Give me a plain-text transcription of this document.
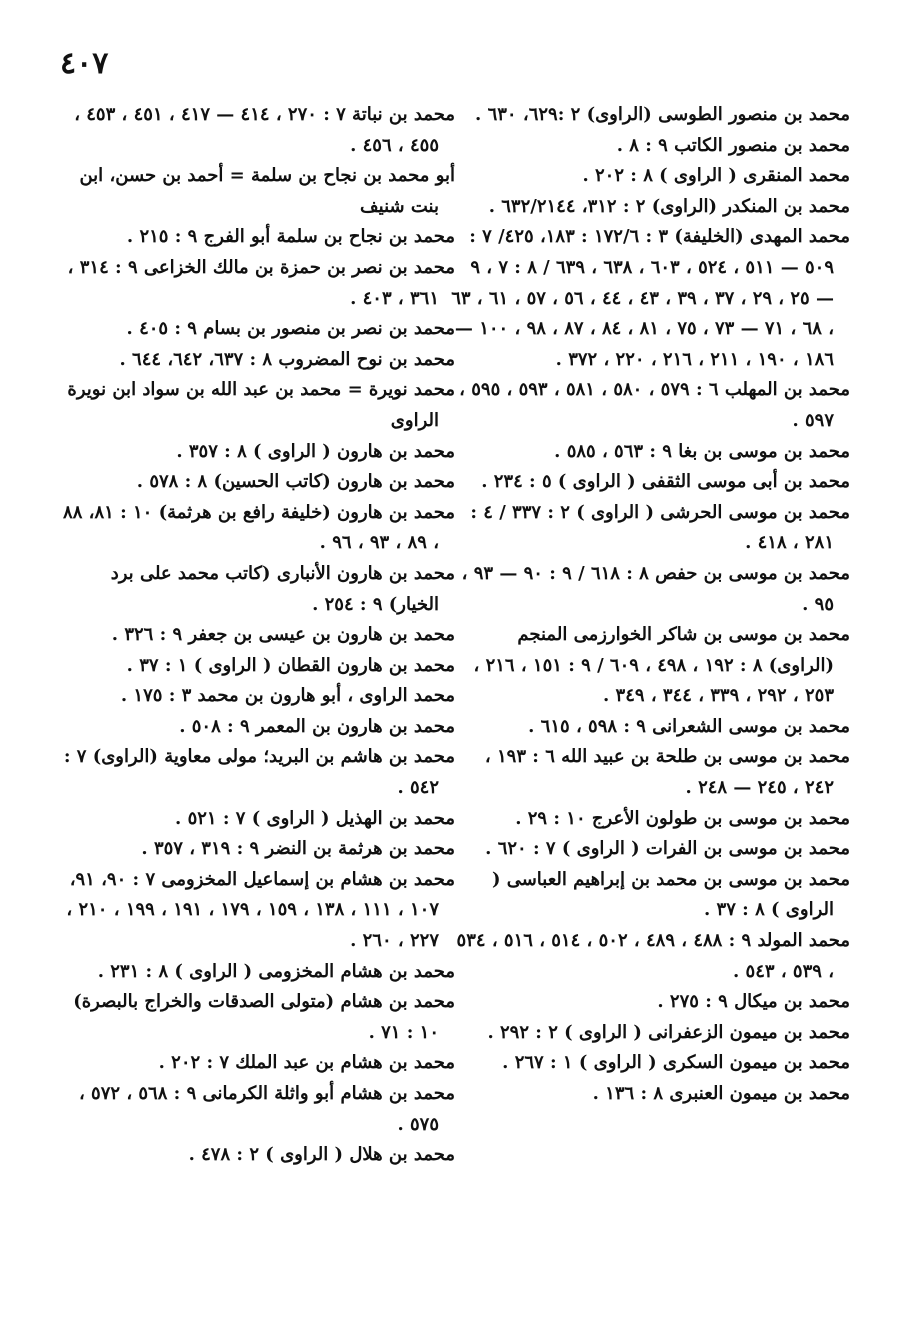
٤٠٧

محمد بن منصور الطوسى (الراوى) ٢ :٦٢٩، ٦٣٠ .

محمد بن منصور الكاتب ٩ : ٨ .

محمد المنقرى ( الراوى ) ٨ : ٢٠٢ .

محمد بن المنكدر (الراوى) ٢ : ٣١٢، ٦٣٢/٢١٤٤ .

محمد المهدى (الخليفة) ٣ : ١٧٢/٦ : ١٨٣، ٤٢٥/ ٧ : ٥٠٩ — ٥١١ ، ٥٢٤ ، ٦٠٣ ، ٦٣٨ ، ٦٣٩ / ٨ : ٧ ، ٩ — ٢٥ ، ٢٩ ، ٣٧ ، ٣٩ ، ٤٣ ، ٤٤ ، ٥٦ ، ٥٧ ، ٦١ ، ٦٣ ، ٦٨ ، ٧١ — ٧٣ ، ٧٥ ، ٨١ ، ٨٤ ، ٨٧ ، ٩٨ ، ١٠٠ — ١٨٦ ، ١٩٠ ، ٢١١ ، ٢١٦ ، ٢٢٠ ، ٣٧٢ .

محمد بن المهلب ٦ : ٥٧٩ ، ٥٨٠ ، ٥٨١ ، ٥٩٣ ، ٥٩٥ ، ٥٩٧ .

محمد بن موسى بن بغا ٩ : ٥٦٣ ، ٥٨٥ .

محمد بن أبى موسى الثقفى ( الراوى ) ٥ : ٢٣٤ .

محمد بن موسى الحرشى ( الراوى ) ٢ : ٣٣٧ / ٤ : ٢٨١ ، ٤١٨ .

محمد بن موسى بن حفص ٨ : ٦١٨ / ٩ : ٩٠ — ٩٣ ، ٩٥ .

محمد بن موسى بن شاكر الخوارزمى المنجم (الراوى) ٨ : ١٩٢ ، ٤٩٨ ، ٦٠٩ / ٩ : ١٥١ ، ٢١٦ ، ٢٥٣ ، ٢٩٢ ، ٣٣٩ ، ٣٤٤ ، ٣٤٩ .

محمد بن موسى الشعرانى ٩ : ٥٩٨ ، ٦١٥ .

محمد بن موسى بن طلحة بن عبيد الله ٦ : ١٩٣ ، ٢٤٢ ، ٢٤٥ — ٢٤٨ .

محمد بن موسى بن طولون الأعرج ١٠ : ٢٩ .

محمد بن موسى بن الفرات ( الراوى ) ٧ : ٦٢٠ .

محمد بن موسى بن محمد بن إبراهيم العباسى ( الراوى ) ٨ : ٣٧ .

محمد المولد ٩ : ٤٨٨ ، ٤٨٩ ، ٥٠٢ ، ٥١٤ ، ٥١٦ ، ٥٣٤ ، ٥٣٩ ، ٥٤٣ .

محمد بن ميكال ٩ : ٢٧٥ .

محمد بن ميمون الزعفرانى ( الراوى ) ٢ : ٢٩٢ .

محمد بن ميمون السكرى ( الراوى ) ١ : ٢٦٧ .

محمد بن ميمون العنبرى ٨ : ١٣٦ .

محمد بن نباتة ٧ : ٢٧٠ ، ٤١٤ — ٤١٧ ، ٤٥١ ، ٤٥٣ ، ٤٥٥ ، ٤٥٦ .

أبو محمد بن نجاح بن سلمة = أحمد بن حسن، ابن بنت شنيف

محمد بن نجاح بن سلمة أبو الفرج ٩ : ٢١٥ .

محمد بن نصر بن حمزة بن مالك الخزاعى ٩ : ٣١٤ ، ٣٦١ ، ٤٠٣ .

محمد بن نصر بن منصور بن بسام ٩ : ٤٠٥ .

محمد بن نوح المضروب ٨ : ٦٣٧، ٦٤٢، ٦٤٤ .

محمد نويرة = محمد بن عبد الله بن سواد ابن نويرة الراوى

محمد بن هارون ( الراوى ) ٨ : ٣٥٧ .

محمد بن هارون (كاتب الحسين) ٨ : ٥٧٨ .

محمد بن هارون (خليفة رافع بن هرثمة) ١٠ : ٨١، ٨٨ ، ٨٩ ، ٩٣ ، ٩٦ .

محمد بن هارون الأنبارى (كاتب محمد على برد الخيار) ٩ : ٢٥٤ .

محمد بن هارون بن عيسى بن جعفر ٩ : ٣٢٦ .

محمد بن هارون القطان ( الراوى ) ١ : ٣٧ .

محمد الراوى ، أبو هارون بن محمد ٣ : ١٧٥ .

محمد بن هارون بن المعمر ٩ : ٥٠٨ .

محمد بن هاشم بن البريد؛ مولى معاوية (الراوى) ٧ : ٥٤٢ .

محمد بن الهذيل ( الراوى ) ٧ : ٥٢١ .

محمد بن هرثمة بن النضر ٩ : ٣١٩ ، ٣٥٧ .

محمد بن هشام بن إسماعيل المخزومى ٧ : ٩٠، ٩١، ١٠٧ ، ١١١ ، ١٣٨ ، ١٥٩ ، ١٧٩ ، ١٩١ ، ١٩٩ ، ٢١٠ ، ٢٢٧ ، ٢٦٠ .

محمد بن هشام المخزومى ( الراوى ) ٨ : ٢٣١ .

محمد بن هشام (متولى الصدقات والخراج بالبصرة) ١٠ : ٧١ .

محمد بن هشام بن عبد الملك ٧ : ٢٠٢ .

محمد بن هشام أبو واثلة الكرمانى ٩ : ٥٦٨ ، ٥٧٢ ، ٥٧٥ .

محمد بن هلال ( الراوى ) ٢ : ٤٧٨ .
